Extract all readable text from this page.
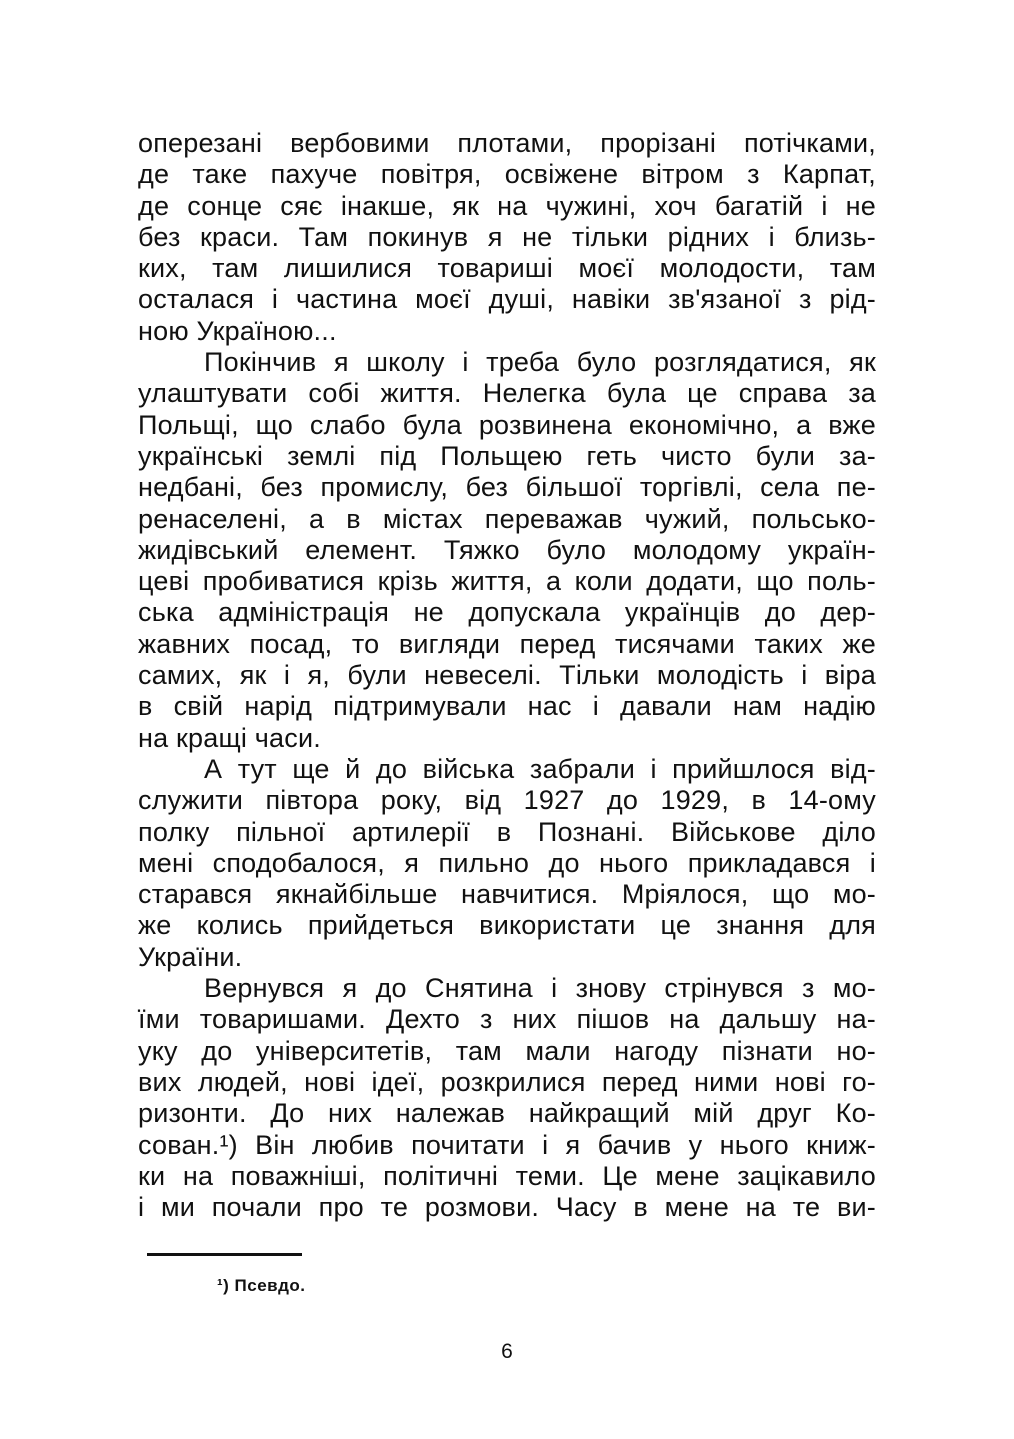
оперезані вербовими плотами, прорізані потічками,
де таке пахуче повітря, освіжене вітром з Карпат,
де сонце сяє інакше, як на чужині, хоч багатій і не
без краси. Там покинув я не тільки рідних і близь-
ких, там лишилися товариші моєї молодости, там
осталася і частина моєї душі, навіки зв'язаної з рід-
ною Україною...
Покінчив я школу і треба було розглядатися, як
улаштувати собі життя. Нелегка була це справа за
Польщі, що слабо була розвинена економічно, а вже
українські землі під Польщею геть чисто були за-
недбані, без промислу, без більшої торгівлі, села пе-
ренаселені, а в містах переважав чужий, польсько-
жидівський елемент. Тяжко було молодому україн-
цеві пробиватися крізь життя, а коли додати, що поль-
ська адміністрація не допускала українців до дер-
жавних посад, то вигляди перед тисячами таких же
самих, як і я, були невеселі. Тільки молодість і віра
в свій нарід підтримували нас і давали нам надію
на кращі часи.
А тут ще й до війська забрали і прийшлося від-
служити півтора року, від 1927 до 1929, в 14-ому
полку пільної артилерії в Познані. Військове діло
мені сподобалося, я пильно до нього прикладався і
старався якнайбільше навчитися. Мріялося, що мо-
же колись прийдеться використати це знання для
України.
Вернувся я до Снятина і знову стрінувся з мо-
їми товаришами. Дехто з них пішов на дальшу на-
уку до університетів, там мали нагоду пізнати но-
вих людей, нові ідеї, розкрилися перед ними нові го-
ризонти. До них належав найкращий мій друг Ко-
сован.¹) Він любив почитати і я бачив у нього книж-
ки на поважніші, політичні теми. Це мене зацікавило
і ми почали про те розмови. Часу в мене на те ви-
¹) Псевдо.
6
